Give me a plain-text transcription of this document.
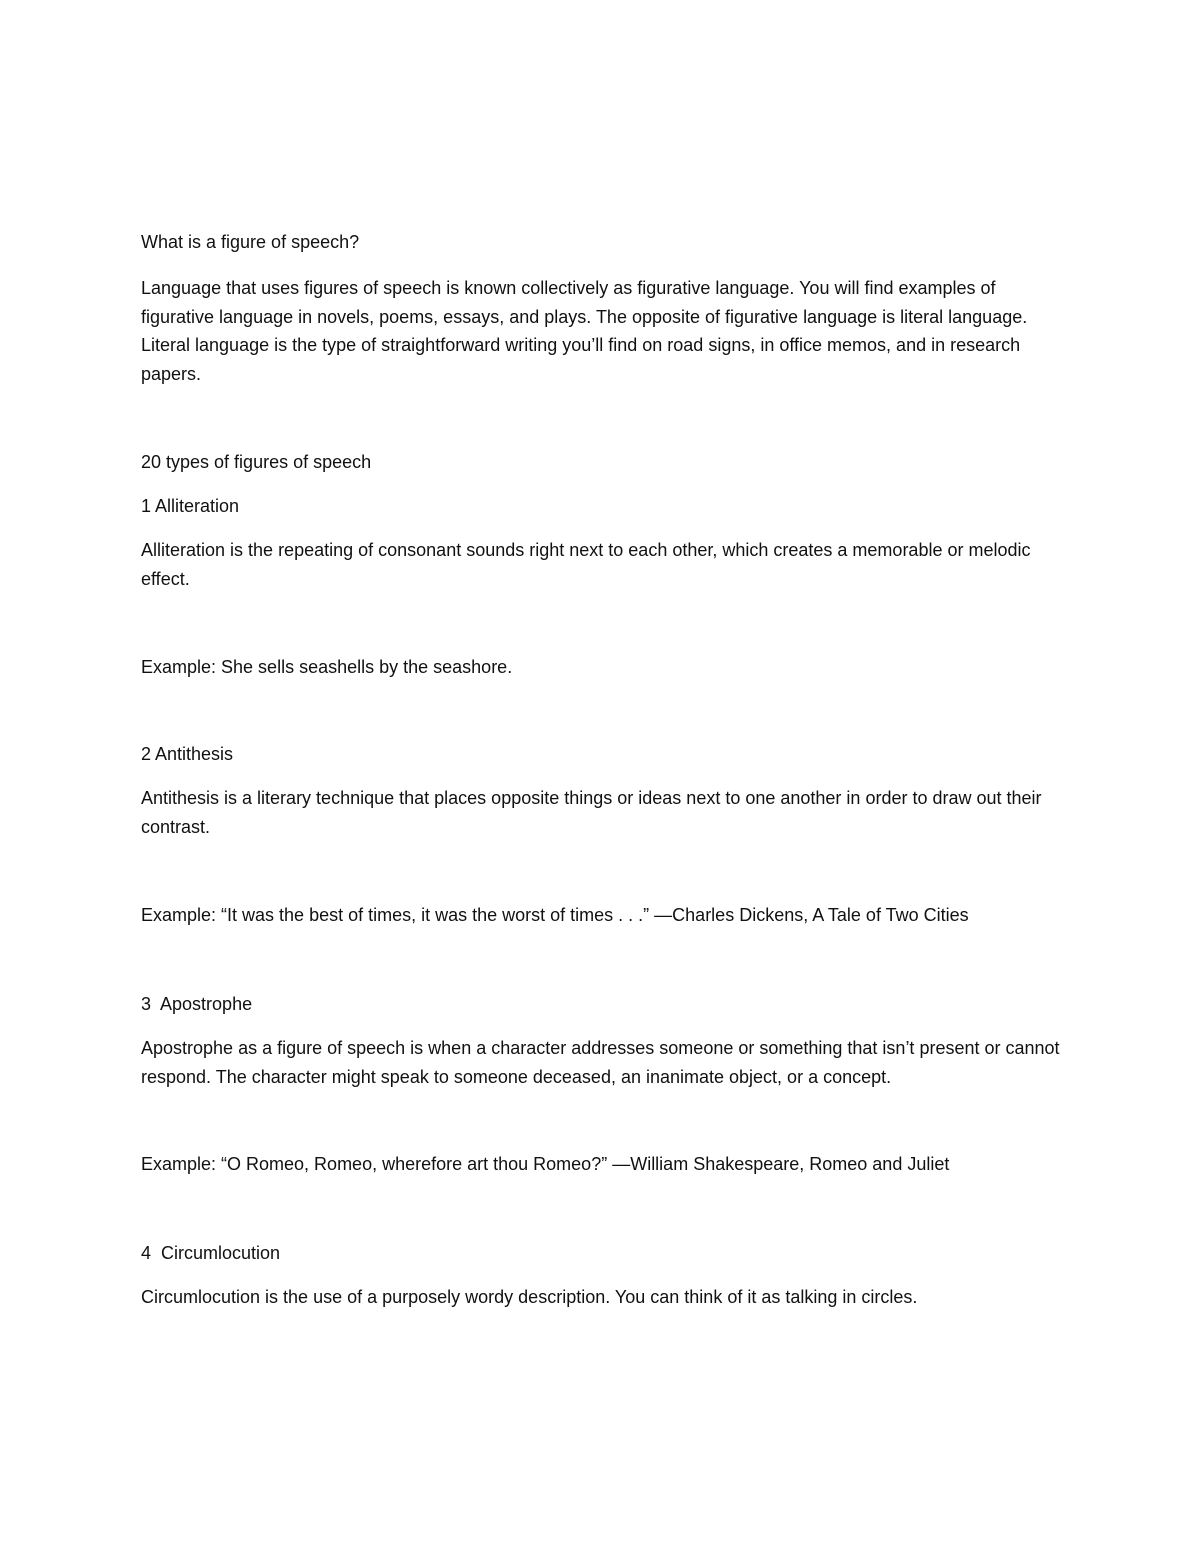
What is a figure of speech?

Language that uses figures of speech is known collectively as figurative language. You will find examples of figurative language in novels, poems, essays, and plays. The opposite of figurative language is literal language. Literal language is the type of straightforward writing you’ll find on road signs, in office memos, and in research papers.

20 types of figures of speech

1 Alliteration

Alliteration is the repeating of consonant sounds right next to each other, which creates a memorable or melodic effect.

Example: She sells seashells by the seashore.

2 Antithesis

Antithesis is a literary technique that places opposite things or ideas next to one another in order to draw out their contrast.

Example: “It was the best of times, it was the worst of times . . .” —Charles Dickens, A Tale of Two Cities

3  Apostrophe

Apostrophe as a figure of speech is when a character addresses someone or something that isn’t present or cannot respond. The character might speak to someone deceased, an inanimate object, or a concept.

Example: “O Romeo, Romeo, wherefore art thou Romeo?” —William Shakespeare, Romeo and Juliet

4  Circumlocution

Circumlocution is the use of a purposely wordy description. You can think of it as talking in circles.
